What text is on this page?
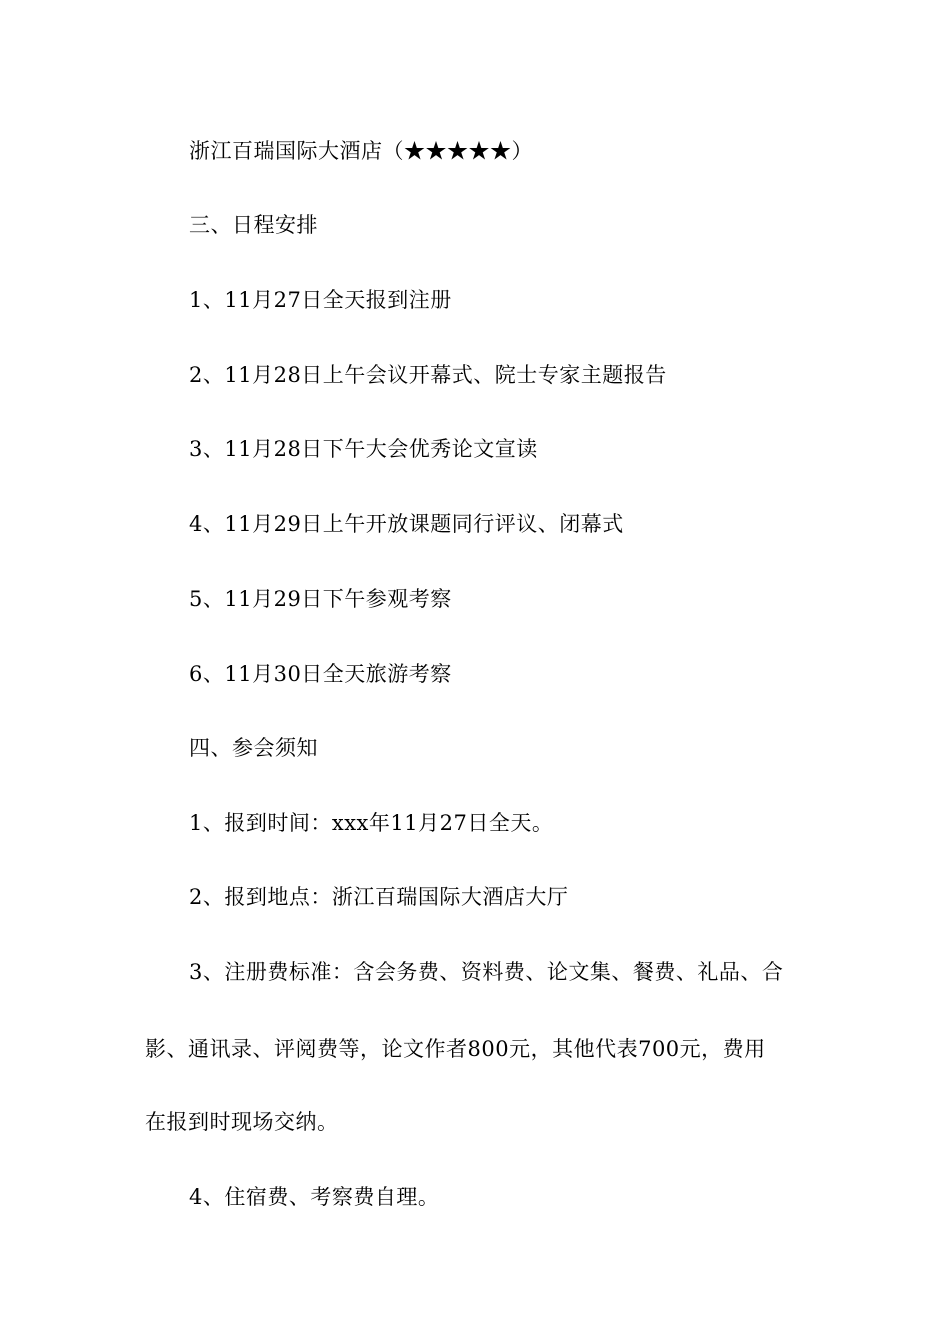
浙江百瑞国际大酒店（★★★★★）
三、日程安排
1、11月27日全天报到注册
2、11月28日上午会议开幕式、院士专家主题报告
3、11月28日下午大会优秀论文宣读
4、11月29日上午开放课题同行评议、闭幕式
5、11月29日下午参观考察
6、11月30日全天旅游考察
四、参会须知
1、报到时间：xxx年11月27日全天。
2、报到地点：浙江百瑞国际大酒店大厅
3、注册费标准：含会务费、资料费、论文集、餐费、礼品、合
影、通讯录、评阅费等，论文作者800元，其他代表700元，费用
在报到时现场交纳。
4、住宿费、考察费自理。
